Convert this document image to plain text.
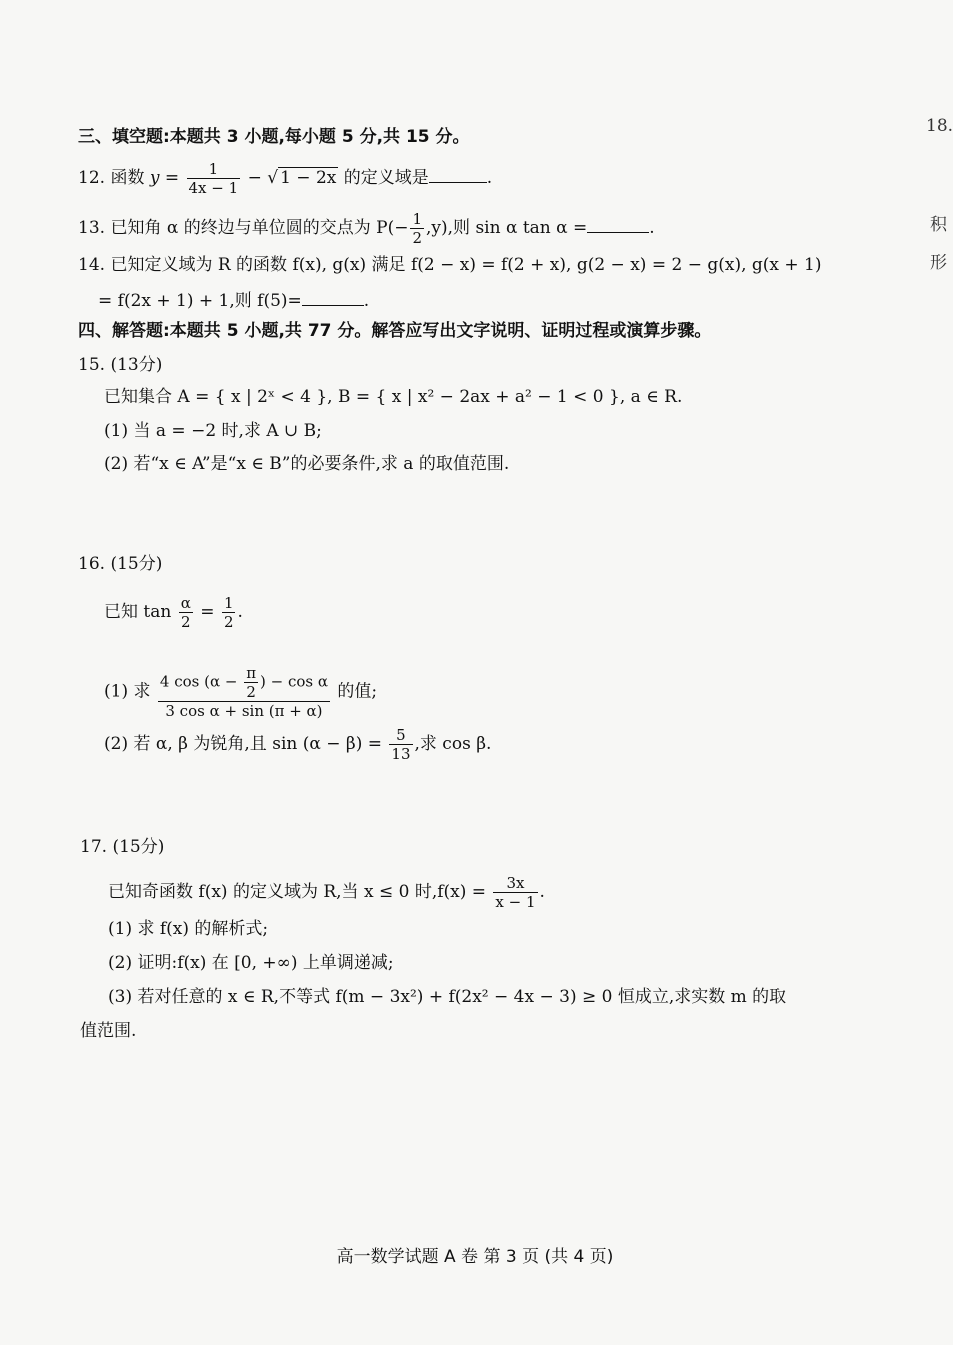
18.
积
形
三、填空题:本题共 3 小题,每小题 5 分,共 15 分。
12. 函数 $y = \frac{1}{4x - 1}$ − √ 1 − 2x 的定义域是	.
13. 已知角 α 的终边与单位圆的交点为 $P(- \frac{1}{2} ,y)$,则 sin α tan α =	.
14. 已知定义域为 R 的函数 f(x), g(x) 满足 f(2 − x) = f(2 + x), g(2 − x) = 2 − g(x), g(x + 1)
= f(2x + 1) + 1,则 f(5)=	.
四、解答题:本题共 5 小题,共 77 分。解答应写出文字说明、证明过程或演算步骤。
15. (13分)
已知集合 A = { x | 2ˣ < 4 }, B = { x | x² − 2ax + a² − 1 < 0 }, a ∈ R.
(1) 当 a = −2 时,求 A ∪ B;
(2) 若“x ∈ A”是“x ∈ B”的必要条件,求 a 的取值范围.
16. (15分)
已知 $\tan \frac{\alpha}{2} = \frac{1}{2}$ .
(1) 求 $\frac{4 \cos (\alpha - \frac{\pi}{2} ) - \cos \alpha}{\text{3 cos α + sin (π + α)}}$ 的值;
(2) 若 α, β 为锐角,且 $\sin (\alpha - \beta) = \frac{5}{13}$ ,求 cos β.
17. (15分)
已知奇函数 f(x) 的定义域为 R,当 x ≤ 0 时$,f(x) = \frac{3x}{x - 1}$ .
(1) 求 f(x) 的解析式;
(2) 证明:f(x) 在 [0, +∞) 上单调递减;
(3) 若对任意的 x ∈ R,不等式 f(m − 3x²) + f(2x² − 4x − 3) ≥ 0 恒成立,求实数 m 的取
值范围.
高一数学试题 A 卷 第 3 页 (共 4 页)
